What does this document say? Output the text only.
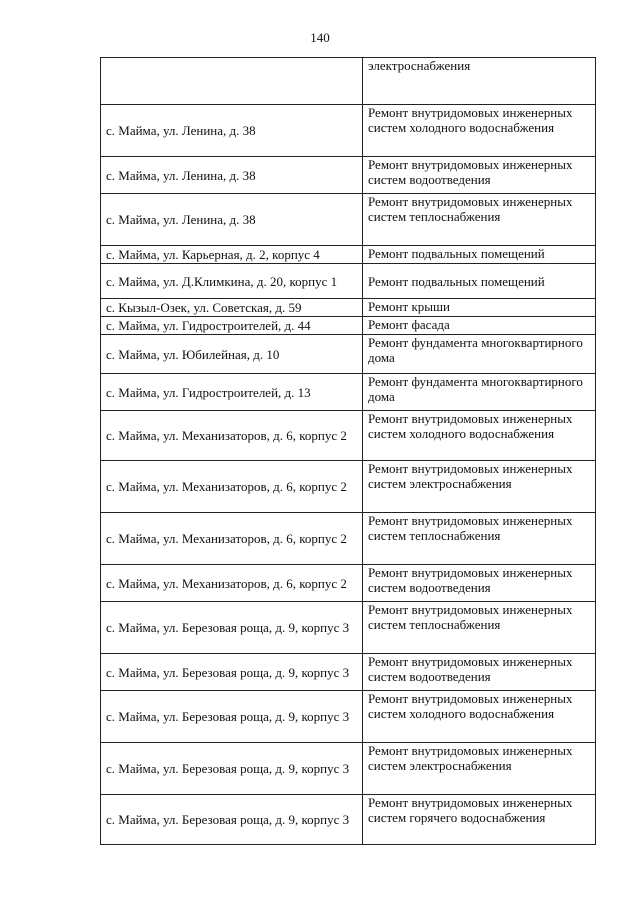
140
	электроснабжения
с. Майма, ул. Ленина, д. 38	Ремонт внутридомовых инженерных систем холодного водоснабжения
с. Майма, ул. Ленина, д. 38	Ремонт внутридомовых инженерных систем водоотведения
с. Майма, ул. Ленина, д. 38	Ремонт внутридомовых инженерных систем теплоснабжения
с. Майма, ул. Карьерная, д. 2, корпус 4	Ремонт подвальных помещений
с. Майма, ул. Д.Климкина, д. 20, корпус 1	Ремонт подвальных помещений
с. Кызыл-Озек, ул. Советская, д. 59	Ремонт крыши
с. Майма, ул. Гидростроителей, д. 44	Ремонт фасада
с. Майма, ул. Юбилейная, д. 10	Ремонт фундамента многоквартирного дома
с. Майма, ул. Гидростроителей, д. 13	Ремонт фундамента многоквартирного дома
с. Майма, ул. Механизаторов, д. 6, корпус 2	Ремонт внутридомовых инженерных систем холодного водоснабжения
с. Майма, ул. Механизаторов, д. 6, корпус 2	Ремонт внутридомовых инженерных систем электроснабжения
с. Майма, ул. Механизаторов, д. 6, корпус 2	Ремонт внутридомовых инженерных систем теплоснабжения
с. Майма, ул. Механизаторов, д. 6, корпус 2	Ремонт внутридомовых инженерных систем водоотведения
с. Майма, ул. Березовая роща, д. 9, корпус 3	Ремонт внутридомовых инженерных систем теплоснабжения
с. Майма, ул. Березовая роща, д. 9, корпус 3	Ремонт внутридомовых инженерных систем водоотведения
с. Майма, ул. Березовая роща, д. 9, корпус 3	Ремонт внутридомовых инженерных систем холодного водоснабжения
с. Майма, ул. Березовая роща, д. 9, корпус 3	Ремонт внутридомовых инженерных систем электроснабжения
с. Майма, ул. Березовая роща, д. 9, корпус 3	Ремонт внутридомовых инженерных систем горячего водоснабжения
